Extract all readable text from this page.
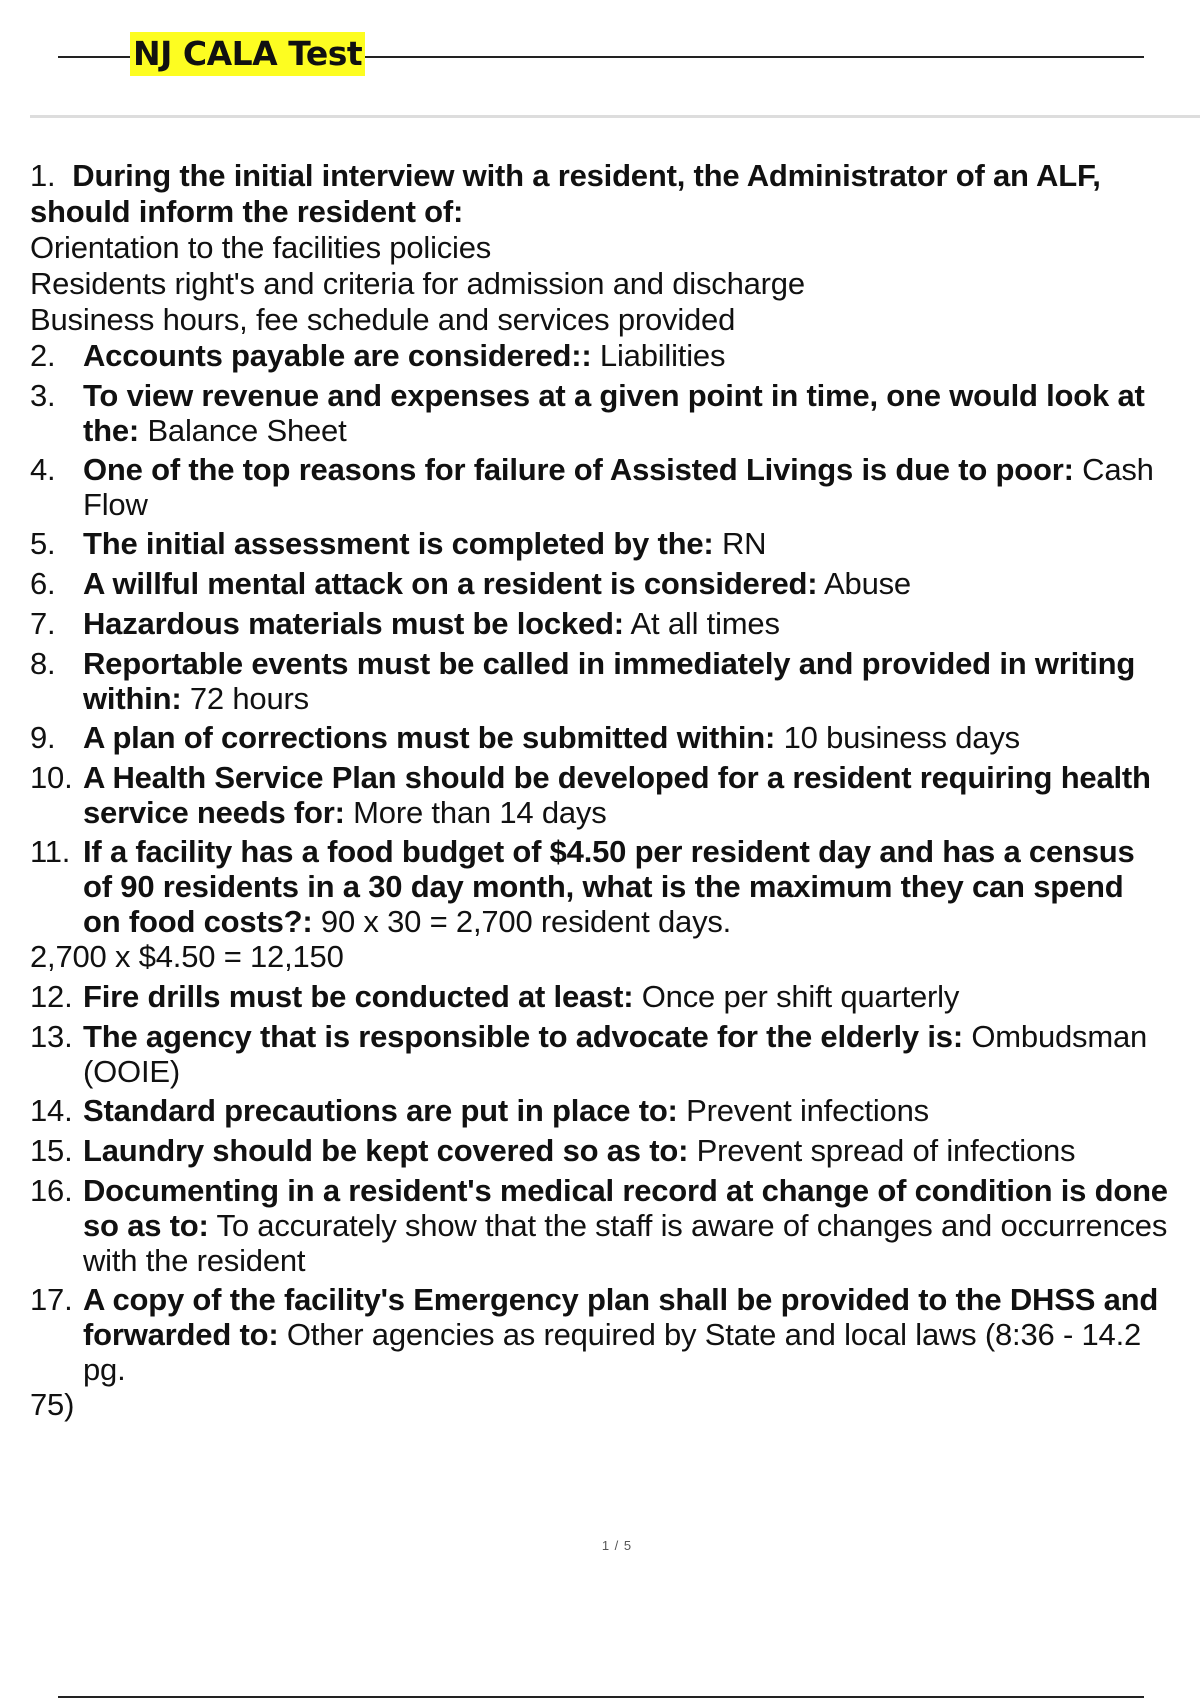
NJ CALA Test
1. During the initial interview with a resident, the Administrator of an ALF,
should inform the resident of:
Orientation to the facilities policies
Residents right's and criteria for admission and discharge
Business hours, fee schedule and services provided
2. Accounts payable are considered:: Liabilities
3. To view revenue and expenses at a given point in time, one would look at
the: Balance Sheet
4. One of the top reasons for failure of Assisted Livings is due to poor: Cash
Flow
5. The initial assessment is completed by the: RN
6. A willful mental attack on a resident is considered: Abuse
7. Hazardous materials must be locked: At all times
8. Reportable events must be called in immediately and provided in writing
within: 72 hours
9. A plan of corrections must be submitted within: 10 business days
10. A Health Service Plan should be developed for a resident requiring health
service needs for: More than 14 days
11. If a facility has a food budget of $4.50 per resident day and has a census
of 90 residents in a 30 day month, what is the maximum they can spend
on food costs?: 90 x 30 = 2,700 resident days.
2,700 x $4.50 = 12,150
12. Fire drills must be conducted at least: Once per shift quarterly
13. The agency that is responsible to advocate for the elderly is: Ombudsman
(OOIE)
14. Standard precautions are put in place to: Prevent infections
15. Laundry should be kept covered so as to: Prevent spread of infections
16. Documenting in a resident's medical record at change of condition is done
so as to: To accurately show that the staff is aware of changes and occurrences
with the resident
17. A copy of the facility's Emergency plan shall be provided to the DHSS and
forwarded to: Other agencies as required by State and local laws (8:36 - 14.2
pg.
75)
1 / 5
